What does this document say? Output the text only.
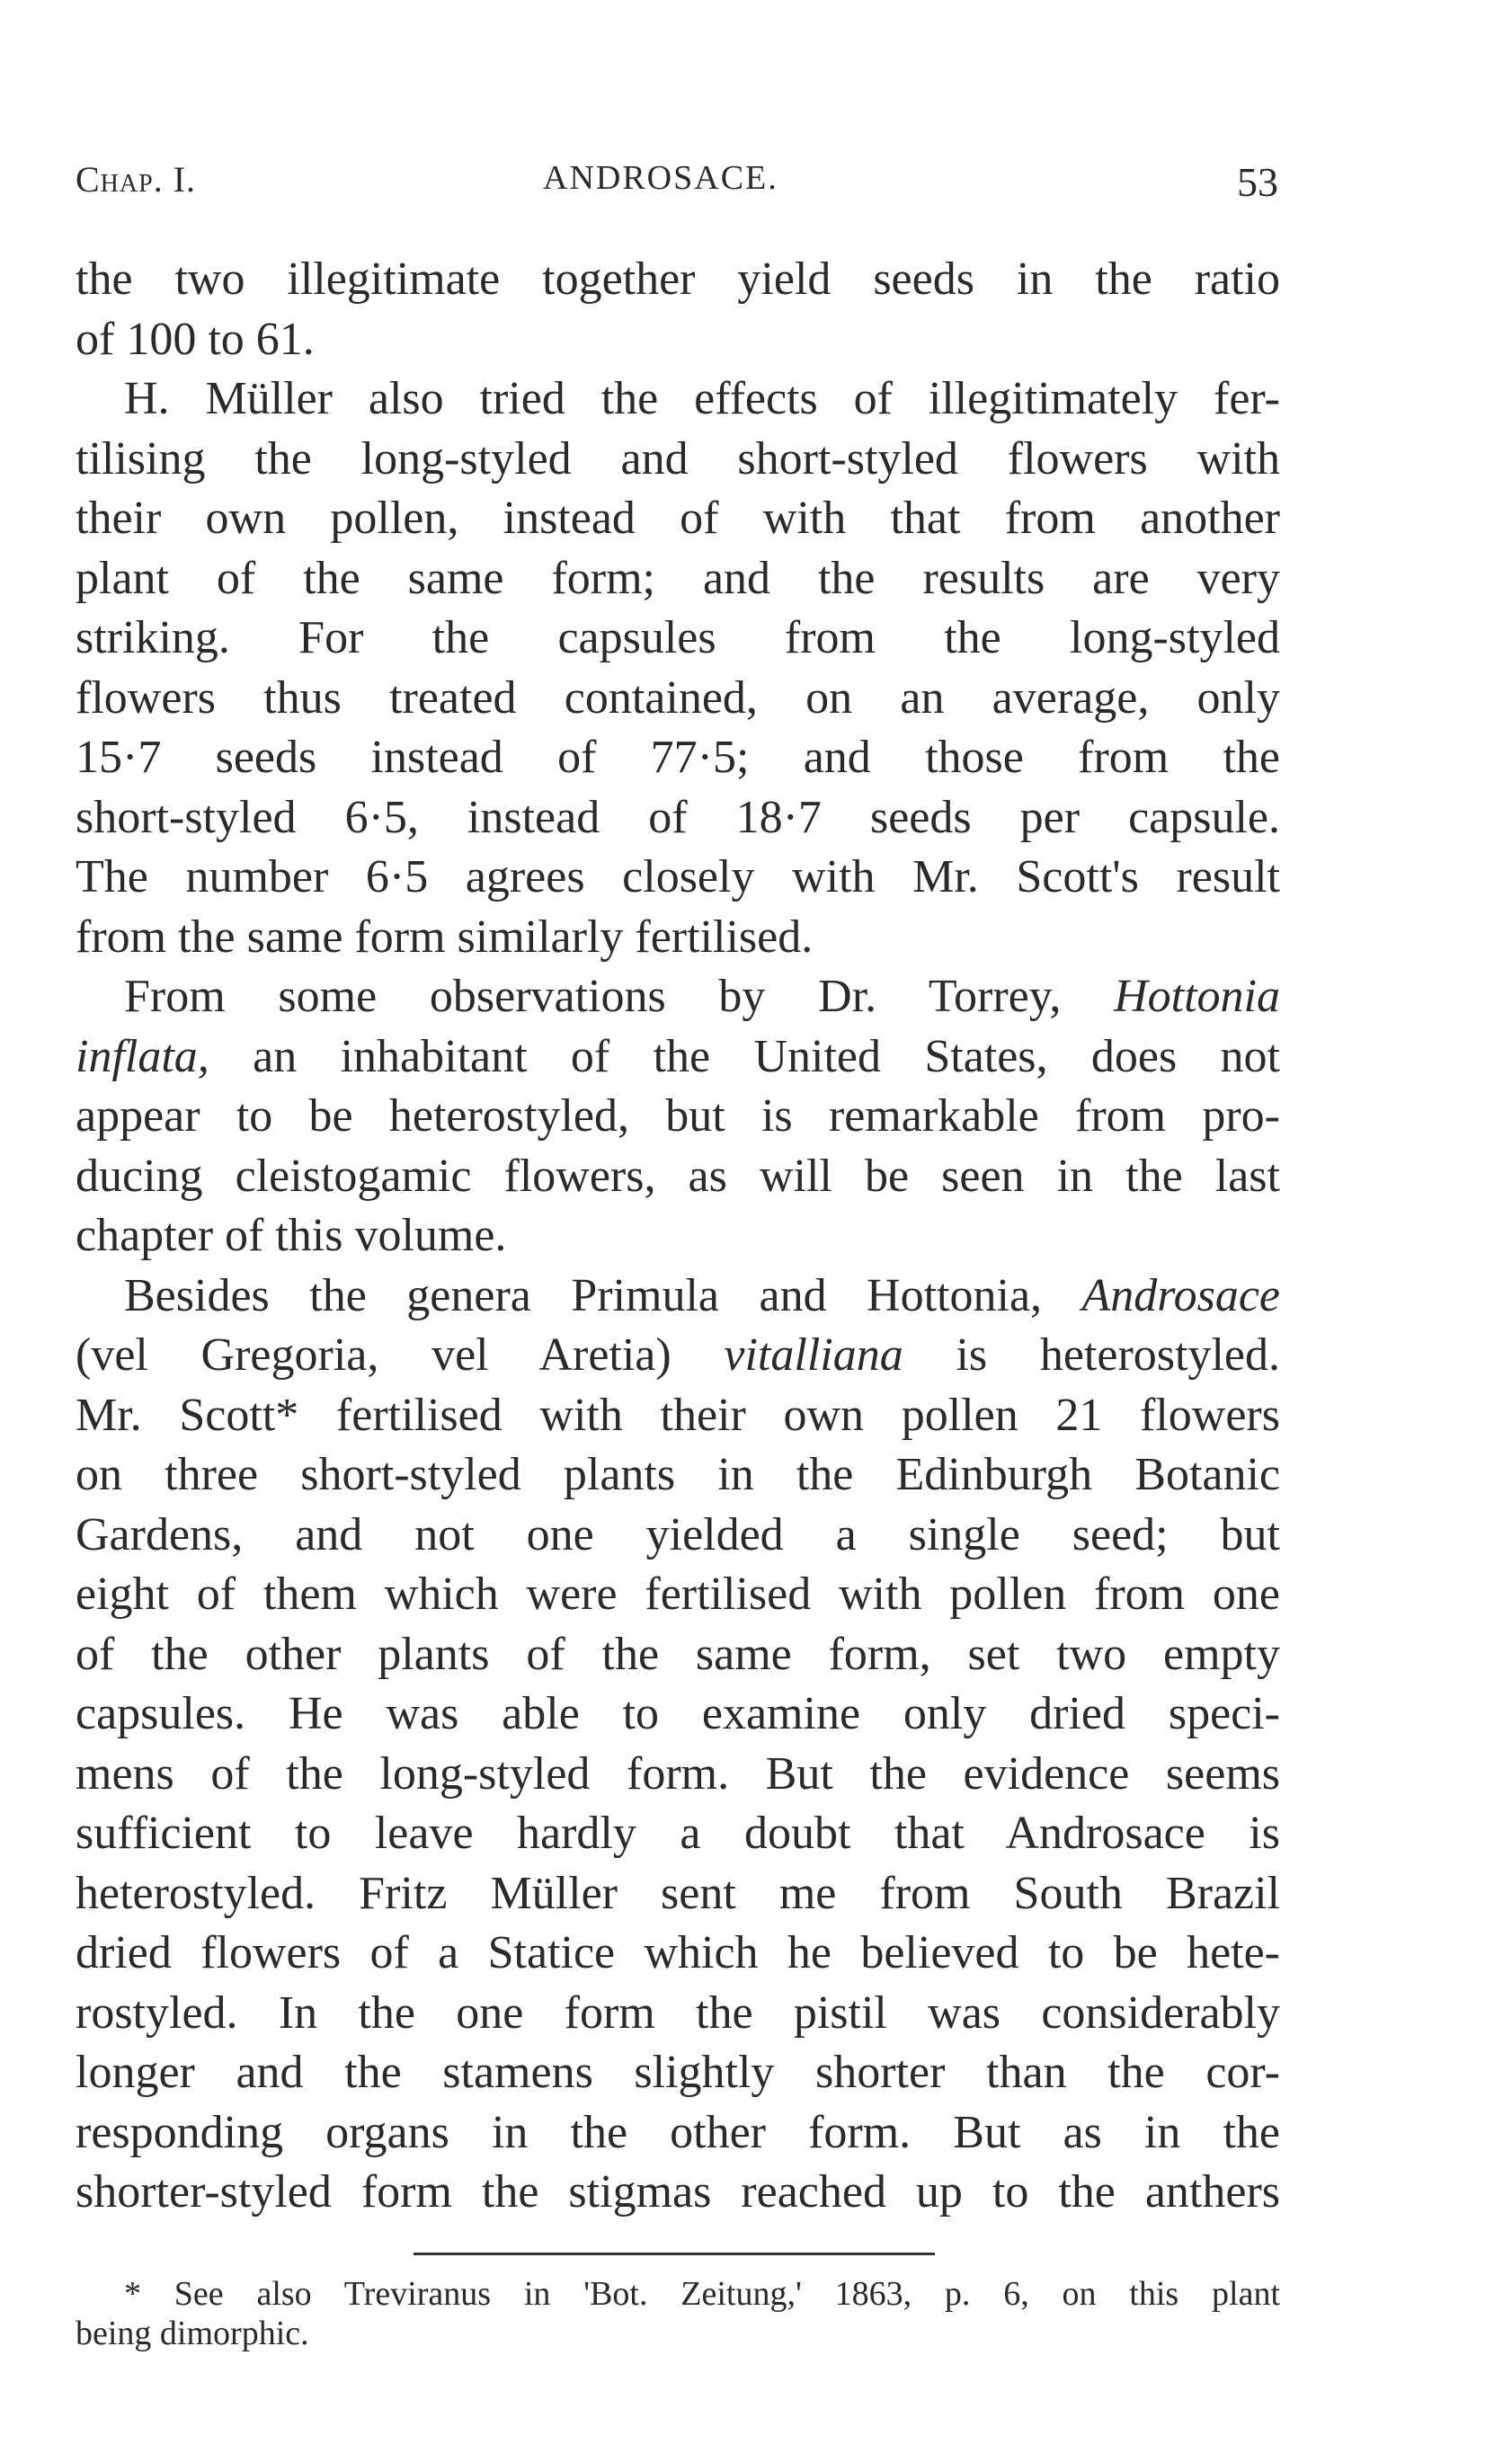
Chap. I.	ANDROSACE.	53
the two illegitimate together yield seeds in the ratio
of 100 to 61.
H. Müller also tried the effects of illegitimately fer-
tilising the long-styled and short-styled flowers with
their own pollen, instead of with that from another
plant of the same form; and the results are very
striking. For the capsules from the long-styled
flowers thus treated contained, on an average, only
15·7 seeds instead of 77·5; and those from the
short-styled 6·5, instead of 18·7 seeds per capsule.
The number 6·5 agrees closely with Mr. Scott's result
from the same form similarly fertilised.
From some observations by Dr. Torrey, Hottonia
inflata, an inhabitant of the United States, does not
appear to be heterostyled, but is remarkable from pro-
ducing cleistogamic flowers, as will be seen in the last
chapter of this volume.
Besides the genera Primula and Hottonia, Androsace
(vel Gregoria, vel Aretia) vitalliana is heterostyled.
Mr. Scott* fertilised with their own pollen 21 flowers
on three short-styled plants in the Edinburgh Botanic
Gardens, and not one yielded a single seed; but
eight of them which were fertilised with pollen from one
of the other plants of the same form, set two empty
capsules. He was able to examine only dried speci-
mens of the long-styled form. But the evidence seems
sufficient to leave hardly a doubt that Androsace is
heterostyled. Fritz Müller sent me from South Brazil
dried flowers of a Statice which he believed to be hete-
rostyled. In the one form the pistil was considerably
longer and the stamens slightly shorter than the cor-
responding organs in the other form. But as in the
shorter-styled form the stigmas reached up to the anthers
* See also Treviranus in 'Bot. Zeitung,' 1863, p. 6, on this plant
being dimorphic.
